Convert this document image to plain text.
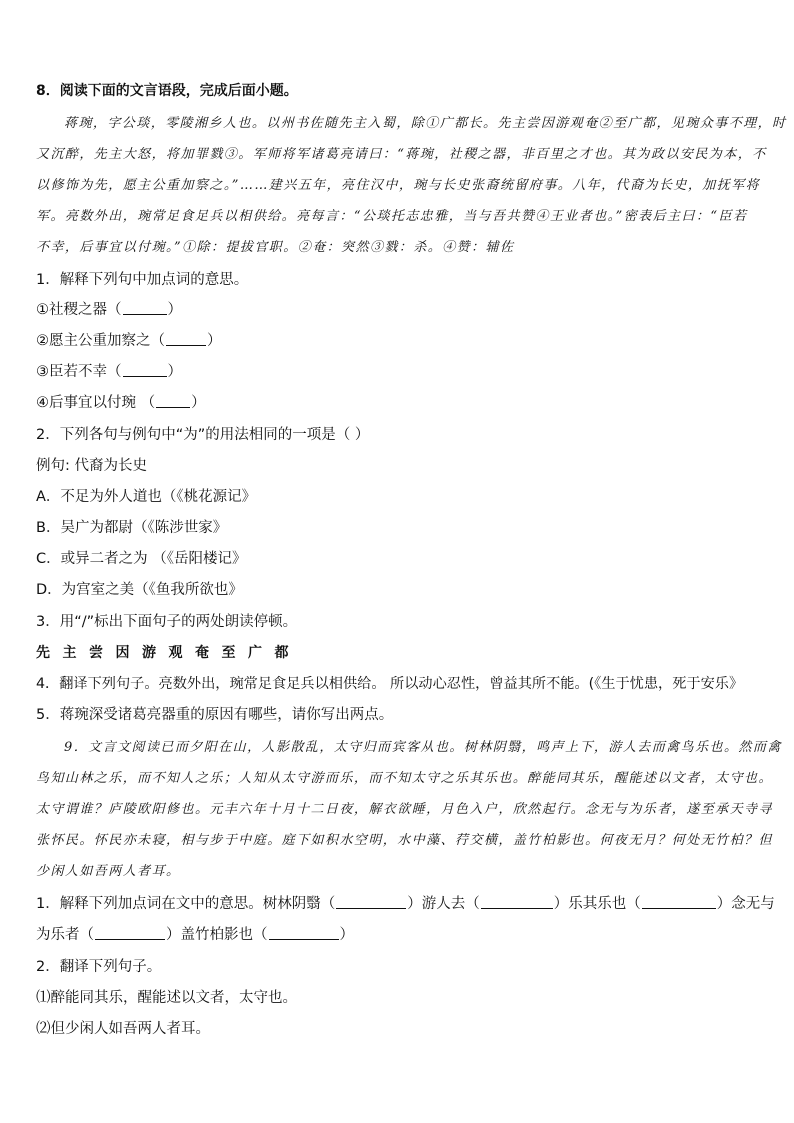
8．阅读下面的文言语段，完成后面小题。
蒋琬，字公琰，零陵湘乡人也。以州书佐随先主入蜀，除①广都长。先主尝因游观奄②至广都，见琬众事不理，时
又沉醉，先主大怒，将加罪戮③。军师将军诸葛亮请曰：“蒋琬，社稷之器，非百里之才也。其为政以安民为本，不
以修饰为先，愿主公重加察之。”……建兴五年，亮住汉中，琬与长史张裔统留府事。八年，代裔为长史，加抚军将
军。亮数外出，琬常足食足兵以相供给。亮每言：“公琰托志忠雅，当与吾共赞④王业者也。”密表后主曰：“臣若
不幸，后事宜以付琬。”①除：提拔官职。②奄：突然③戮：杀。④赞：辅佐
1．解释下列句中加点词的意思。
①社稷之器（	）
②愿主公重加察之（	）
③臣若不幸（	）
④后事宜以付琬 （ ）
2．下列各句与例句中“为”的用法相同的一项是（ ）
例句: 代裔为长史
A．不足为外人道也（《桃花源记》
B．吴广为都尉（《陈涉世家》
C．或异二者之为 （《岳阳楼记》
D．为宫室之美（《鱼我所欲也》
3．用“/”标出下面句子的两处朗读停顿。
先主尝因游观奄至广都
4．翻译下列句子。亮数外出，琬常足食足兵以相供给。 所以动心忍性，曾益其所不能。(《生于忧患，死于安乐》
5．蒋琬深受诸葛亮器重的原因有哪些，请你写出两点。
9．文言文阅读已而夕阳在山，人影散乱，太守归而宾客从也。树林阴翳，鸣声上下，游人去而禽鸟乐也。然而禽
鸟知山林之乐，而不知人之乐；人知从太守游而乐，而不知太守之乐其乐也。醉能同其乐，醒能述以文者，太守也。
太守谓谁？庐陵欧阳修也。元丰六年十月十二日夜，解衣欲睡，月色入户，欣然起行。念无与为乐者，遂至承天寺寻
张怀民。怀民亦未寝，相与步于中庭。庭下如积水空明，水中藻、荇交横，盖竹柏影也。何夜无月？何处无竹柏？但
少闲人如吾两人者耳。
1．解释下列加点词在文中的意思。树林阴翳（	）游人去（	）乐其乐也（	）念无与
为乐者（	）盖竹柏影也（	）
2．翻译下列句子。
⑴醉能同其乐，醒能述以文者，太守也。
⑵但少闲人如吾两人者耳。
